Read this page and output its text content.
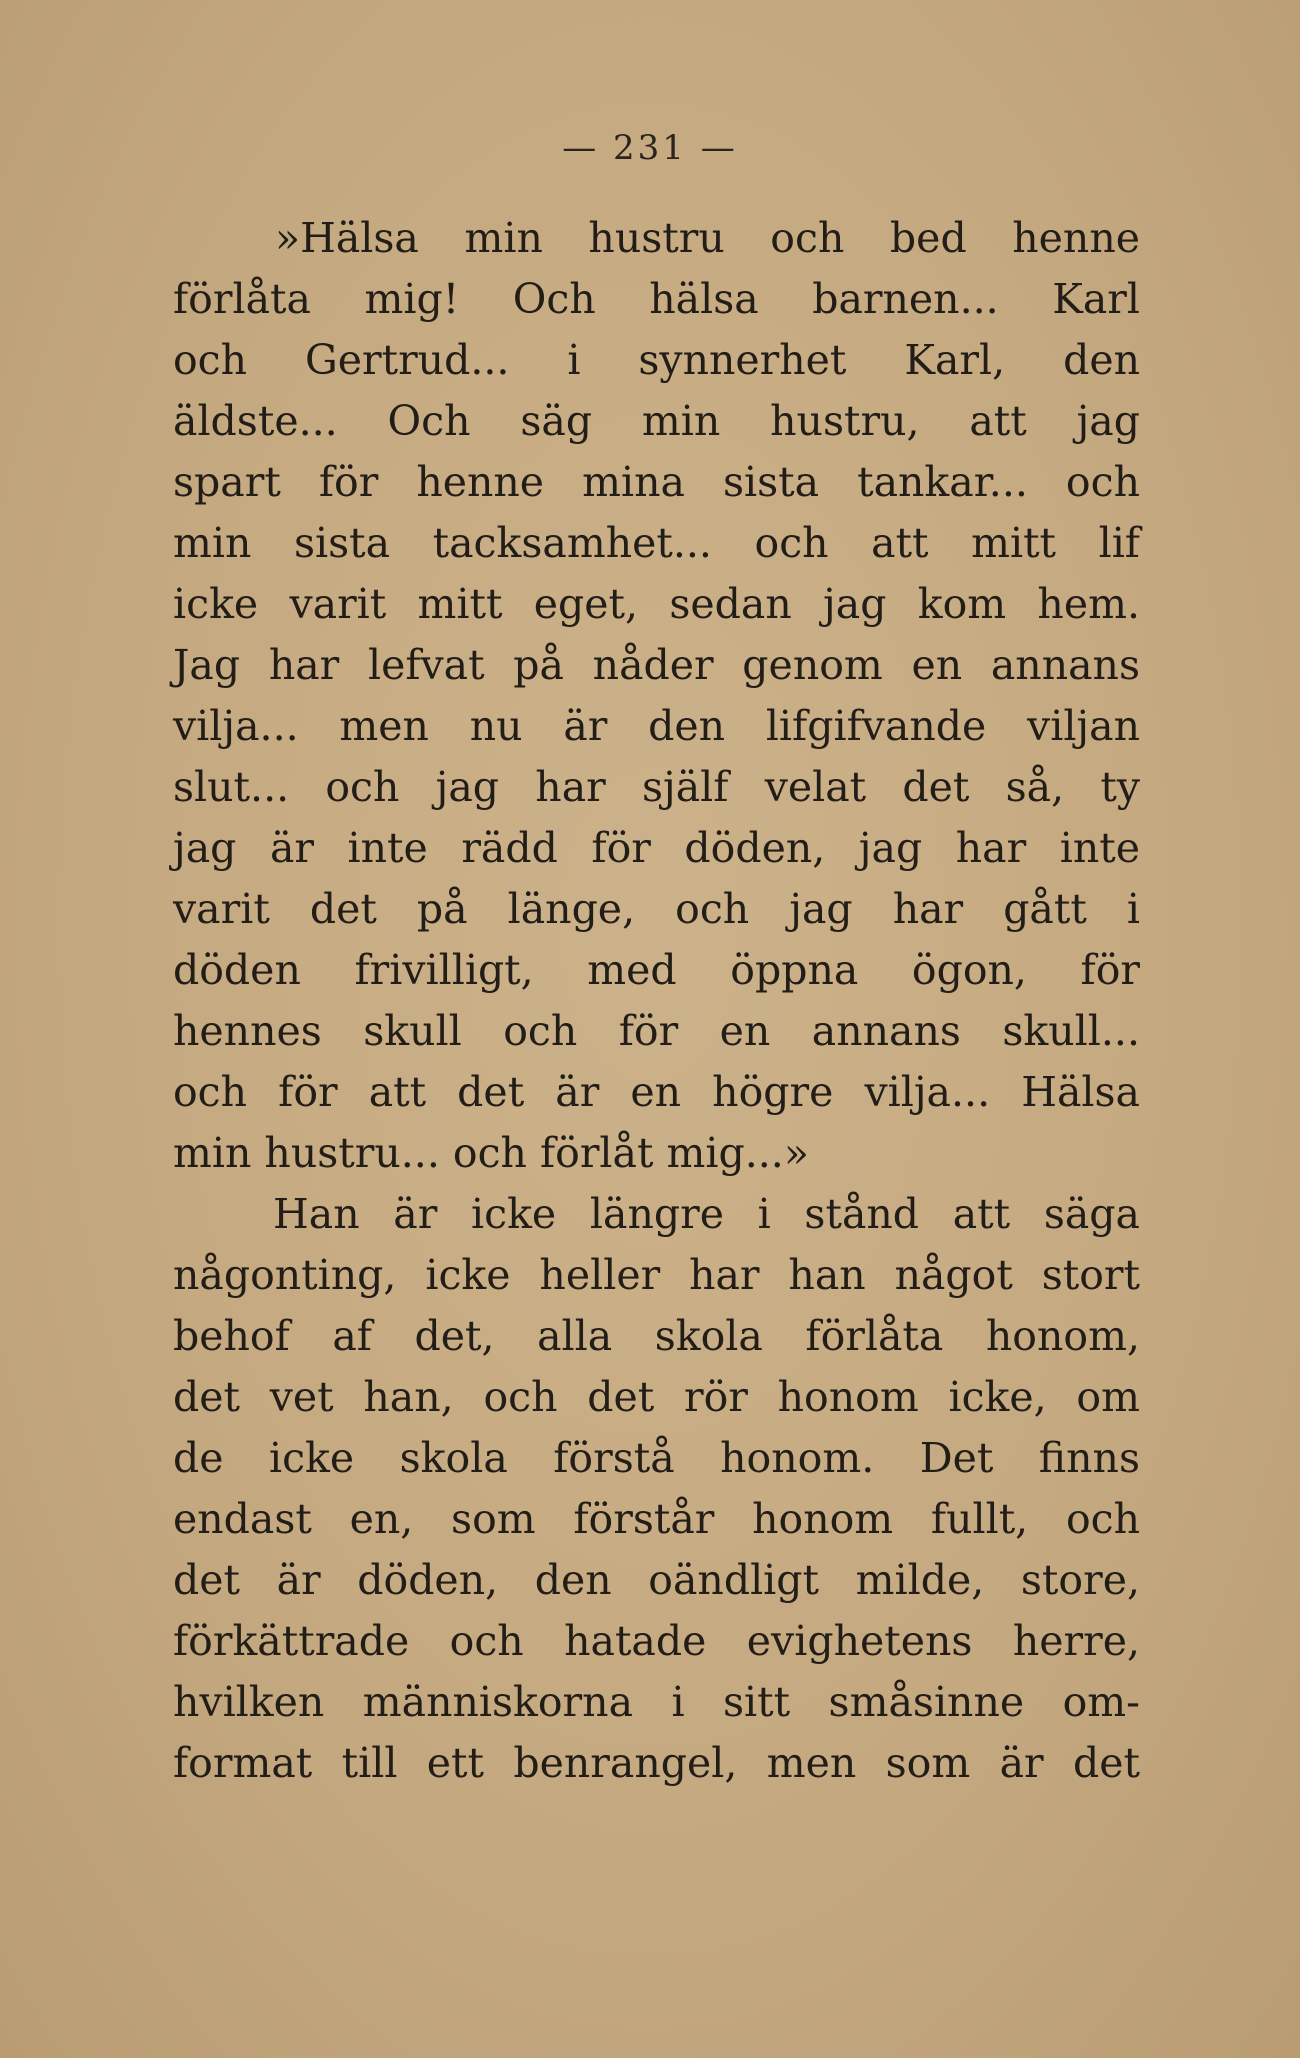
— 231 —
»Hälsa min hustru och bed henne
förlåta mig! Och hälsa barnen... Karl
och Gertrud... i synnerhet Karl, den
äldste... Och säg min hustru, att jag
spart för henne mina sista tankar... och
min sista tacksamhet... och att mitt lif
icke varit mitt eget, sedan jag kom hem.
Jag har lefvat på nåder genom en annans
vilja... men nu är den lifgifvande viljan
slut... och jag har själf velat det så, ty
jag är inte rädd för döden, jag har inte
varit det på länge, och jag har gått i
döden frivilligt, med öppna ögon, för
hennes skull och för en annans skull...
och för att det är en högre vilja... Hälsa
min hustru... och förlåt mig...»
Han är icke längre i stånd att säga
någonting, icke heller har han något stort
behof af det, alla skola förlåta honom,
det vet han, och det rör honom icke, om
de icke skola förstå honom. Det finns
endast en, som förstår honom fullt, och
det är döden, den oändligt milde, store,
förkättrade och hatade evighetens herre,
hvilken människorna i sitt småsinne om-
format till ett benrangel, men som är det
